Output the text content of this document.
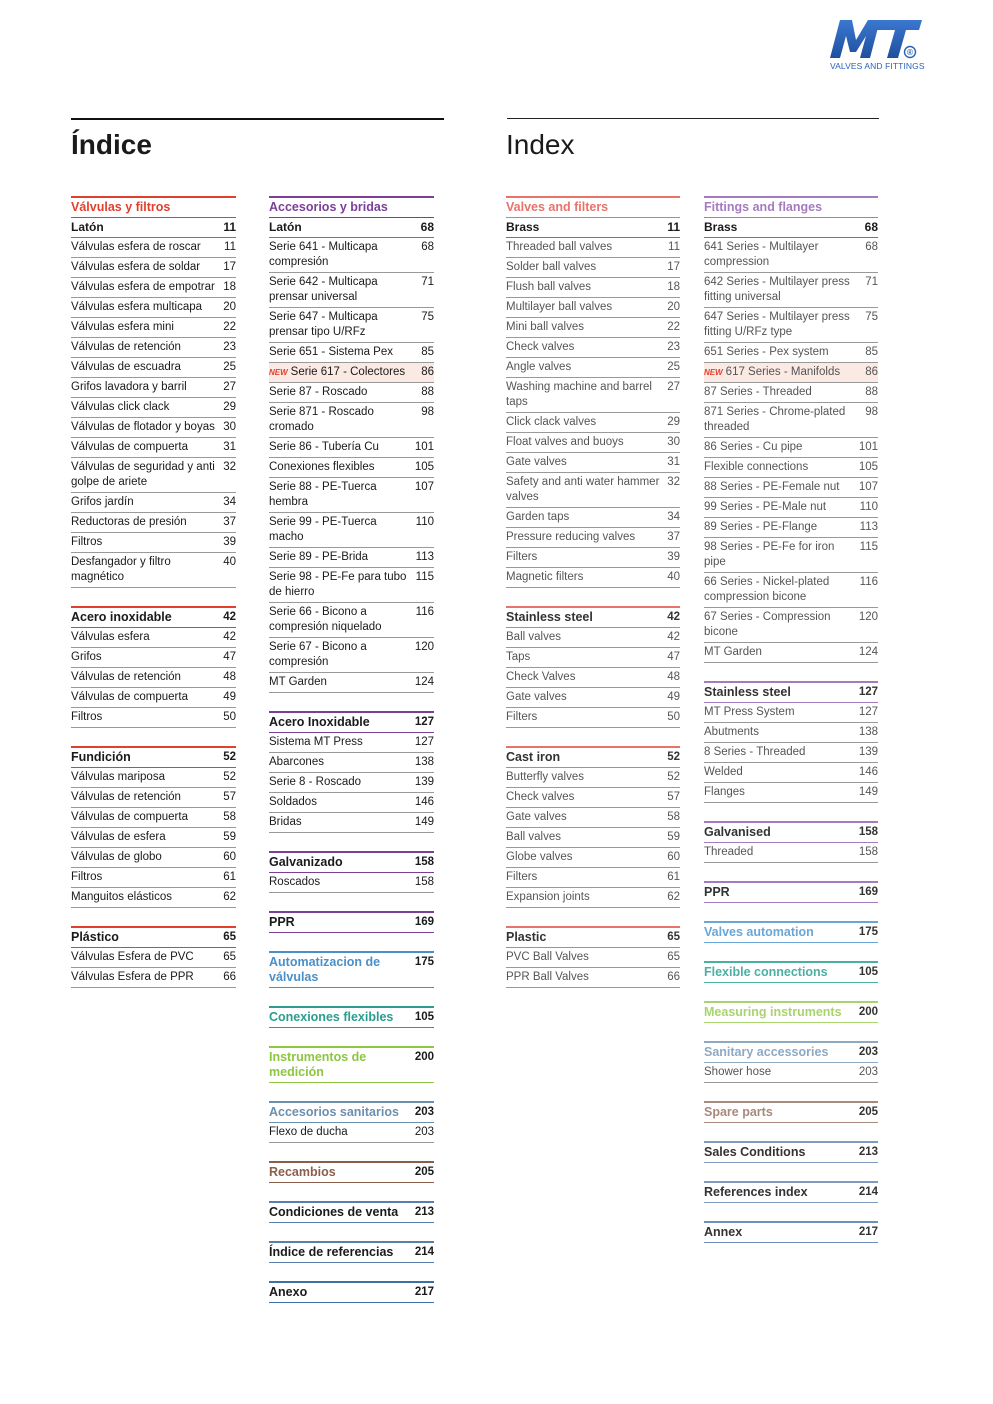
®
VALVES AND FITTINGS
Índice	Index
Válvulas y filtros
Latón	11
Válvulas esfera de roscar	11
Válvulas esfera de soldar	17
Válvulas esfera de empotrar 18
Válvulas esfera multicapa	20
Válvulas esfera mini	22
Válvulas de retención	23
Válvulas de escuadra	25
Grifos lavadora y barril	27
Válvulas click clack	29
Válvulas de flotador y boyas 30
Válvulas de compuerta	31
Válvulas de seguridad y anti golpe de ariete
32
Grifos jardín	34
Reductoras de presión	37
Filtros	39
Desfangador y filtro magnético
40
Acero inoxidable	42
Válvulas esfera	42
Grifos	47
Válvulas de retención	48
Válvulas de compuerta	49
Filtros	50
Fundición	52
Válvulas mariposa	52
Válvulas de retención	57
Válvulas de compuerta	58
Válvulas de esfera	59
Válvulas de globo	60
Filtros	61
Manguitos elásticos	62
Plástico	65
Válvulas Esfera de PVC	65
Válvulas Esfera de PPR	66
Accesorios y bridas
Latón	68
Serie 641 - Multicapa compresión
68
Serie 642 - Multicapa prensar universal
71
Serie 647 - Multicapa prensar tipo U/RFz
75
Serie 651 - Sistema Pex	85
NEW Serie 617 - Colectores	86
Serie 87 - Roscado	88
Serie 871 - Roscado cromado
98
Serie 86 - Tubería Cu	101
Conexiones flexibles	105
Serie 88 - PE-Tuerca hembra
107
Serie 99 - PE-Tuerca macho
110
Serie 89 - PE-Brida	113
Serie 98 - PE-Fe para tubo de hierro
115
Serie 66 - Bicono a compresión niquelado
116
Serie 67 - Bicono a compresión
120
MT Garden	124
Acero Inoxidable	127
Sistema MT Press	127
Abarcones	138
Serie 8 - Roscado	139
Soldados	146
Bridas	149
Galvanizado	158
Roscados	158
PPR	169
Automatizacion de válvulas
175
Conexiones flexibles 105
Instrumentos de medición
200
Accesorios sanitarios 203
Flexo de ducha	203
Recambios	205
Condiciones de venta 213
Índice de referencias 214
Anexo	217
Valves and filters
Brass	11
Threaded ball valves	11
Solder ball valves	17
Flush ball valves	18
Multilayer ball valves	20
Mini ball valves	22
Check valves	23
Angle valves	25
Washing machine and barrel taps
27
Click clack valves	29
Float valves and buoys	30
Gate valves	31
Safety and anti water hammer valves
32
Garden taps	34
Pressure reducing valves	37
Filters	39
Magnetic filters	40
Stainless steel	42
Ball valves	42
Taps	47
Check Valves	48
Gate valves	49
Filters	50
Cast iron	52
Butterfly valves	52
Check valves	57
Gate valves	58
Ball valves	59
Globe valves	60
Filters	61
Expansion joints	62
Plastic	65
PVC Ball Valves	65
PPR Ball Valves	66
Fittings and flanges
Brass	68
641 Series - Multilayer compression
68
642 Series - Multilayer press fitting universal
71
647 Series - Multilayer press fitting U/RFz type
75
651 Series - Pex system	85
NEW 617 Series - Manifolds	86
87 Series - Threaded	88
871 Series - Chrome-plated threaded
98
86 Series - Cu pipe	101
Flexible connections	105
88 Series - PE-Female nut	107
99 Series - PE-Male nut	110
89 Series - PE-Flange	113
98 Series - PE-Fe for iron pipe
115
66 Series - Nickel-plated compression bicone
116
67 Series - Compression bicone
120
MT Garden	124
Stainless steel	127
MT Press System	127
Abutments	138
8 Series - Threaded	139
Welded	146
Flanges	149
Galvanised	158
Threaded	158
PPR	169
Valves automation	175
Flexible connections	105
Measuring instruments 200
Sanitary accessories	203
Shower hose	203
Spare parts	205
Sales Conditions	213
References index	214
Annex	217
